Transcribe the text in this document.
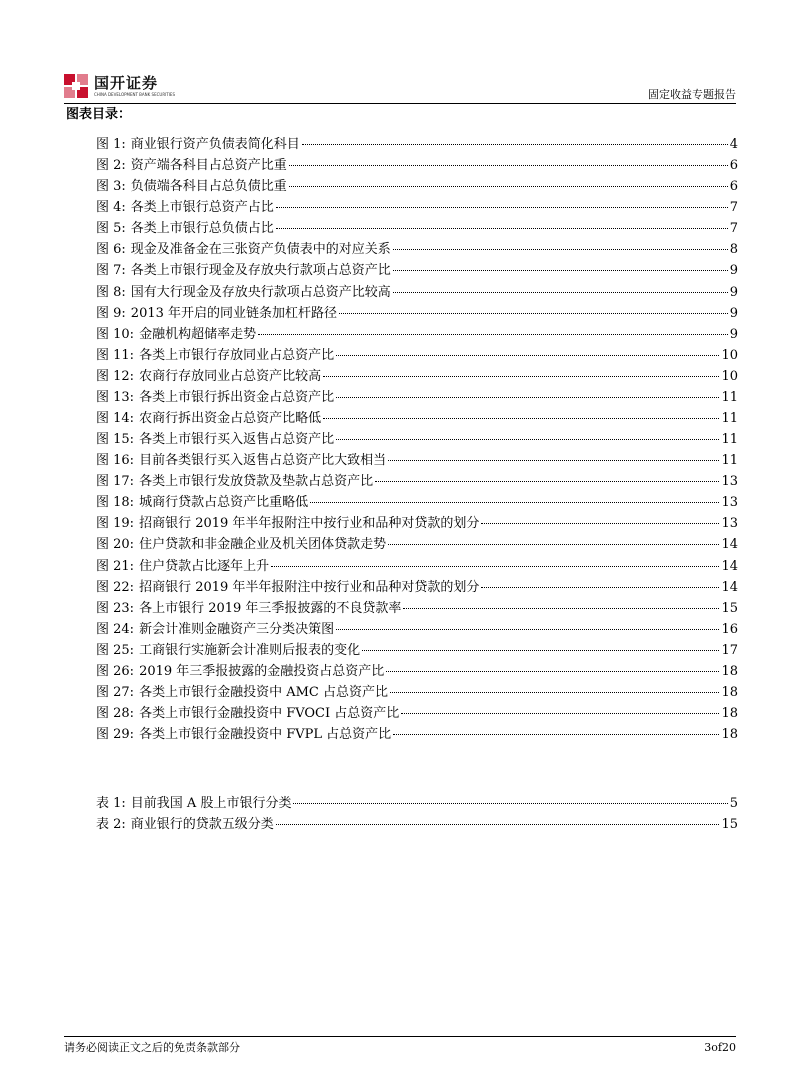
国开证券
CHINA DEVELOPMENT BANK SECURITIES	固定收益专题报告
图表目录：
图 1: 商业银行资产负债表简化科目	4
图 2: 资产端各科目占总资产比重	6
图 3: 负债端各科目占总负债比重	6
图 4: 各类上市银行总资产占比	7
图 5: 各类上市银行总负债占比	7
图 6: 现金及准备金在三张资产负债表中的对应关系	8
图 7: 各类上市银行现金及存放央行款项占总资产比	9
图 8: 国有大行现金及存放央行款项占总资产比较高	9
图 9: 2013 年开启的同业链条加杠杆路径	9
图 10: 金融机构超储率走势	9
图 11: 各类上市银行存放同业占总资产比	10
图 12: 农商行存放同业占总资产比较高	10
图 13: 各类上市银行拆出资金占总资产比	11
图 14: 农商行拆出资金占总资产比略低	11
图 15: 各类上市银行买入返售占总资产比	11
图 16: 目前各类银行买入返售占总资产比大致相当	11
图 17: 各类上市银行发放贷款及垫款占总资产比	13
图 18: 城商行贷款占总资产比重略低	13
图 19: 招商银行 2019 年半年报附注中按行业和品种对贷款的划分	13
图 20: 住户贷款和非金融企业及机关团体贷款走势	14
图 21: 住户贷款占比逐年上升	14
图 22: 招商银行 2019 年半年报附注中按行业和品种对贷款的划分	14
图 23: 各上市银行 2019 年三季报披露的不良贷款率	15
图 24: 新会计准则金融资产三分类决策图	16
图 25: 工商银行实施新会计准则后报表的变化	17
图 26: 2019 年三季报披露的金融投资占总资产比	18
图 27: 各类上市银行金融投资中 AMC 占总资产比	18
图 28: 各类上市银行金融投资中 FVOCI 占总资产比	18
图 29: 各类上市银行金融投资中 FVPL 占总资产比	18
表 1: 目前我国 A 股上市银行分类	5
表 2: 商业银行的贷款五级分类	15
请务必阅读正文之后的免责条款部分	3of20
